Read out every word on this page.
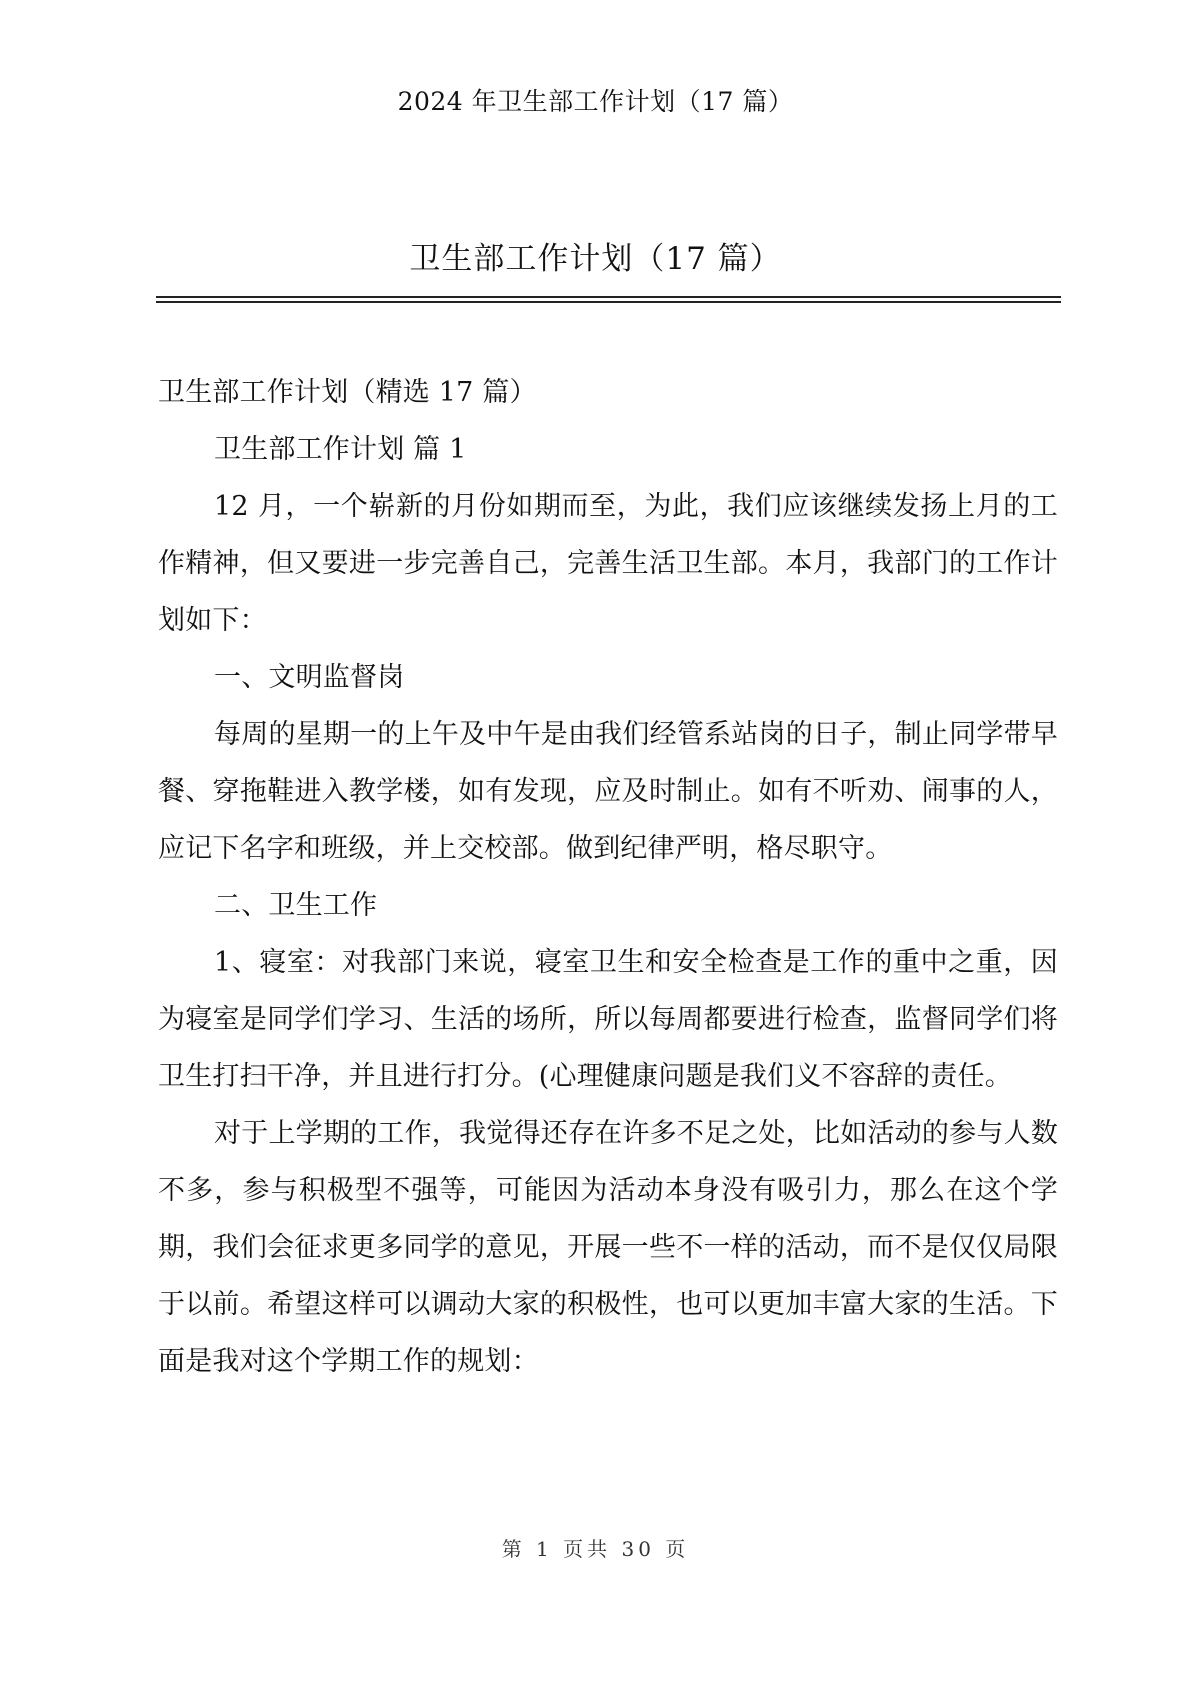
2024 年卫生部工作计划（17 篇）
卫生部工作计划（17 篇）

卫生部工作计划（精选 17 篇）

卫生部工作计划 篇 1

12 月，一个崭新的月份如期而至，为此，我们应该继续发扬上月的工作精神，但又要进一步完善自己，完善生活卫生部。本月，我部门的工作计划如下：

一、文明监督岗

每周的星期一的上午及中午是由我们经管系站岗的日子，制止同学带早餐、穿拖鞋进入教学楼，如有发现，应及时制止。如有不听劝、闹事的人，应记下名字和班级，并上交校部。做到纪律严明，格尽职守。

二、卫生工作

1、寝室：对我部门来说，寝室卫生和安全检查是工作的重中之重，因为寝室是同学们学习、生活的场所，所以每周都要进行检查，监督同学们将卫生打扫干净，并且进行打分。(心理健康问题是我们义不容辞的责任。

对于上学期的工作，我觉得还存在许多不足之处，比如活动的参与人数不多，参与积极型不强等，可能因为活动本身没有吸引力，那么在这个学期，我们会征求更多同学的意见，开展一些不一样的活动，而不是仅仅局限于以前。希望这样可以调动大家的积极性，也可以更加丰富大家的生活。下面是我对这个学期工作的规划：

第 1 页共 30 页
